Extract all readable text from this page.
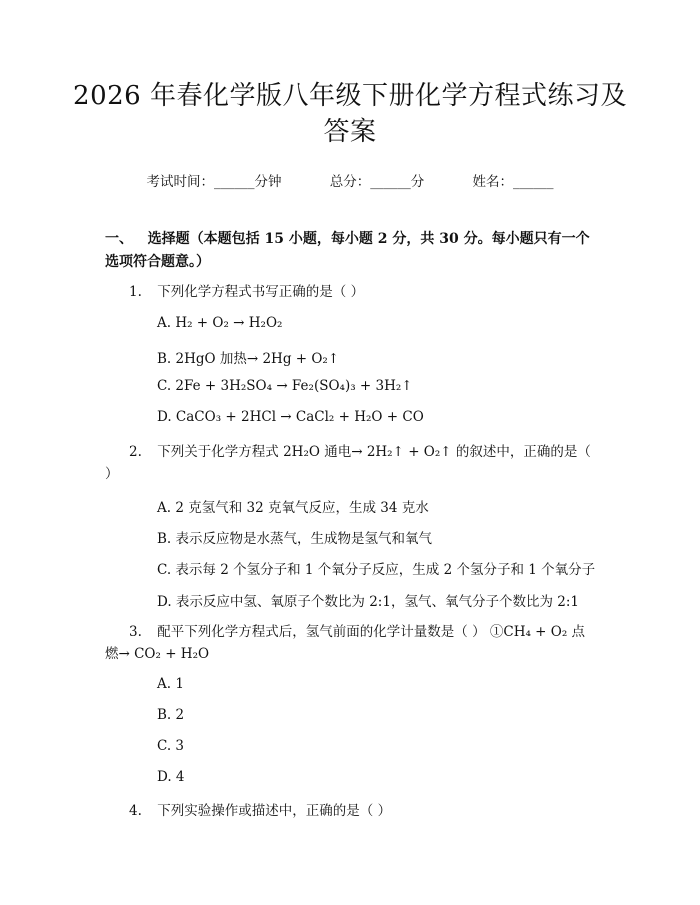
2026 年春化学版八年级下册化学方程式练习及答案
考试时间：______分钟	总分：______分	姓名：______
一、 选择题（本题包括 15 小题，每小题 2 分，共 30 分。每小题只有一个选项符合题意。）
1. 下列化学方程式书写正确的是（ ）
A. H₂ + O₂ → H₂O₂
B. 2HgO 加热→ 2Hg + O₂↑
C. 2Fe + 3H₂SO₄ → Fe₂(SO₄)₃ + 3H₂↑
D. CaCO₃ + 2HCl → CaCl₂ + H₂O + CO
2. 下列关于化学方程式 2H₂O 通电→ 2H₂↑ + O₂↑ 的叙述中，正确的是（ ）
A. 2 克氢气和 32 克氧气反应，生成 34 克水
B. 表示反应物是水蒸气，生成物是氢气和氧气
C. 表示每 2 个氢分子和 1 个氧分子反应，生成 2 个氢分子和 1 个氧分子
D. 表示反应中氢、氧原子个数比为 2:1，氢气、氧气分子个数比为 2:1
3. 配平下列化学方程式后，氢气前面的化学计量数是（ ） ①CH₄ + O₂ 点燃→ CO₂ + H₂O
A. 1
B. 2
C. 3
D. 4
4. 下列实验操作或描述中，正确的是（ ）
